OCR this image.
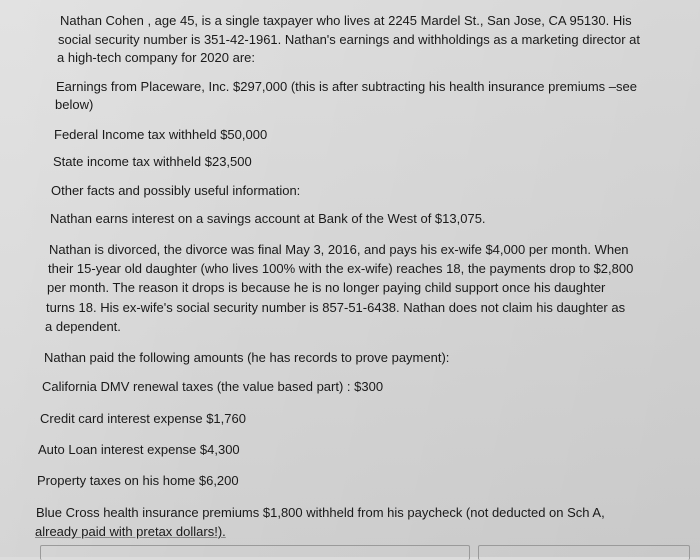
Nathan Cohen , age 45, is a single taxpayer who lives at 2245 Mardel St., San Jose, CA 95130. His
social security number is 351-42-1961. Nathan's earnings and withholdings as a marketing director at
a high-tech company for 2020 are:
Earnings from Placeware, Inc. $297,000 (this is after subtracting his health insurance premiums –see
below)
Federal Income tax withheld $50,000
State income tax withheld $23,500
Other facts and possibly useful information:
Nathan earns interest on a savings account at Bank of the West of $13,075.
Nathan is divorced, the divorce was final May 3, 2016, and pays his ex-wife $4,000 per month. When
their 15-year old daughter (who lives 100% with the ex-wife) reaches 18, the payments drop to $2,800
per month. The reason it drops is because he is no longer paying child support once his daughter
turns 18. His ex-wife's social security number is 857-51-6438. Nathan does not claim his daughter as
a dependent.
Nathan paid the following amounts (he has records to prove payment):
California DMV renewal taxes (the value based part) : $300
Credit card interest expense $1,760
Auto Loan interest expense $4,300
Property taxes on his home $6,200
Blue Cross health insurance premiums $1,800 withheld from his paycheck (not deducted on Sch A,
already paid with pretax dollars!).
